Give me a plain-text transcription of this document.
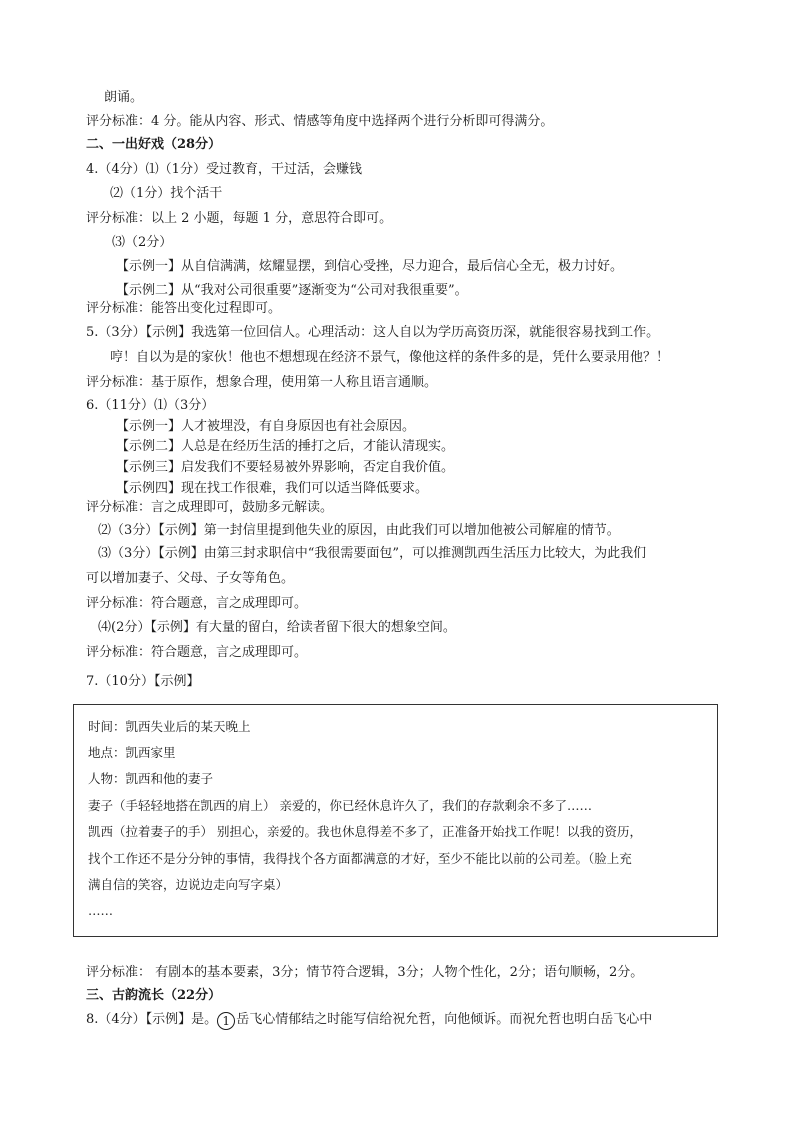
朗诵。
评分标准：4 分。能从内容、形式、情感等角度中选择两个进行分析即可得满分。
二、一出好戏（28分）
4.（4分）⑴（1分）受过教育，干过活，会赚钱
⑵（1分）找个活干
评分标准：以上 2 小题，每题 1 分，意思符合即可。
⑶（2分）
【示例一】从自信满满，炫耀显摆，到信心受挫，尽力迎合，最后信心全无，极力讨好。
【示例二】从“我对公司很重要”逐渐变为“公司对我很重要”。
评分标准：能答出变化过程即可。
5.（3分）【示例】我选第一位回信人。心理活动：这人自以为学历高资历深，就能很容易找到工作。
哼！自以为是的家伙！他也不想想现在经济不景气，像他这样的条件多的是，凭什么要录用他？！
评分标准：基于原作，想象合理，使用第一人称且语言通顺。
6.（11分）⑴（3分）
【示例一】人才被埋没，有自身原因也有社会原因。
【示例二】人总是在经历生活的捶打之后，才能认清现实。
【示例三】启发我们不要轻易被外界影响，否定自我价值。
【示例四】现在找工作很难，我们可以适当降低要求。
评分标准：言之成理即可，鼓励多元解读。
⑵（3分）【示例】第一封信里提到他失业的原因，由此我们可以增加他被公司解雇的情节。
⑶（3分）【示例】由第三封求职信中“我很需要面包”，可以推测凯西生活压力比较大，为此我们
可以增加妻子、父母、子女等角色。
评分标准：符合题意，言之成理即可。
⑷(2分）【示例】有大量的留白，给读者留下很大的想象空间。
评分标准：符合题意，言之成理即可。
7.（10分）【示例】
时间：凯西失业后的某天晚上
地点：凯西家里
人物：凯西和他的妻子
妻子（手轻轻地搭在凯西的肩上） 亲爱的，你已经休息许久了，我们的存款剩余不多了……
凯西（拉着妻子的手） 别担心，亲爱的。我也休息得差不多了，正准备开始找工作呢！以我的资历，
找个工作还不是分分钟的事情，我得找个各方面都满意的才好，至少不能比以前的公司差。（脸上充
满自信的笑容，边说边走向写字桌）
……
评分标准： 有剧本的基本要素，3分；情节符合逻辑，3分；人物个性化，2分；语句顺畅，2分。
三、古韵流长（22分）
8.（4分）【示例】是。 1 岳飞心情郁结之时能写信给祝允哲，向他倾诉。而祝允哲也明白岳飞心中
